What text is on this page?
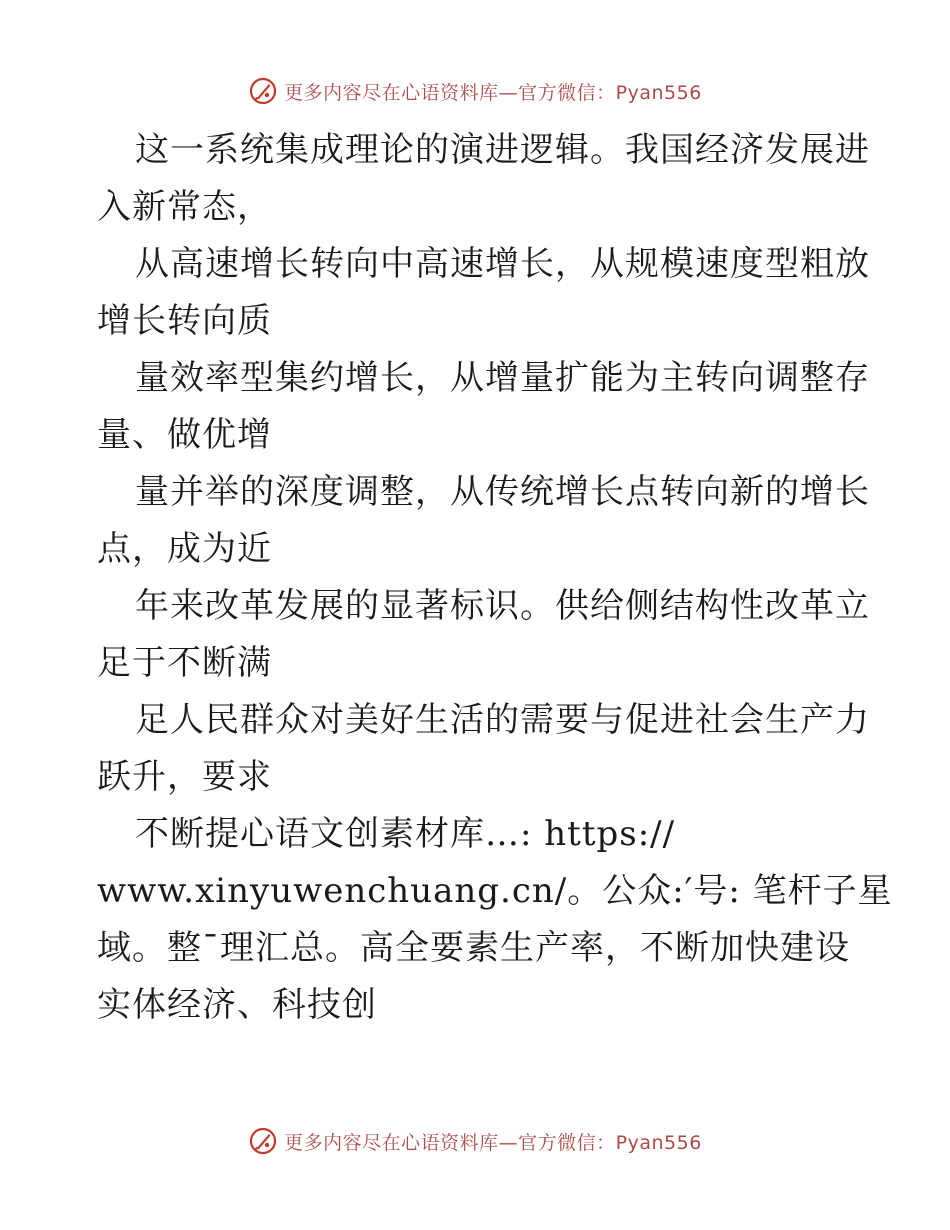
更多内容尽在心语资料库—官方微信：Pyan556
这一系统集成理论的演进逻辑。我国经济发展进
入新常态，
从高速增长转向中高速增长，从规模速度型粗放
增长转向质
量效率型集约增长，从增量扩能为主转向调整存
量、做优增
量并举的深度调整，从传统增长点转向新的增长
点，成为近
年来改革发展的显著标识。供给侧结构性改革立
足于不断满
足人民群众对美好生活的需要与促进社会生产力
跃升，要求
不断提心语文创素材库…: https://
www.xinyuwenchuang.cn/。公众:′号: 笔杆子星
域。整¯理汇总。高全要素生产率，不断加快建设
实体经济、科技创
更多内容尽在心语资料库—官方微信：Pyan556
